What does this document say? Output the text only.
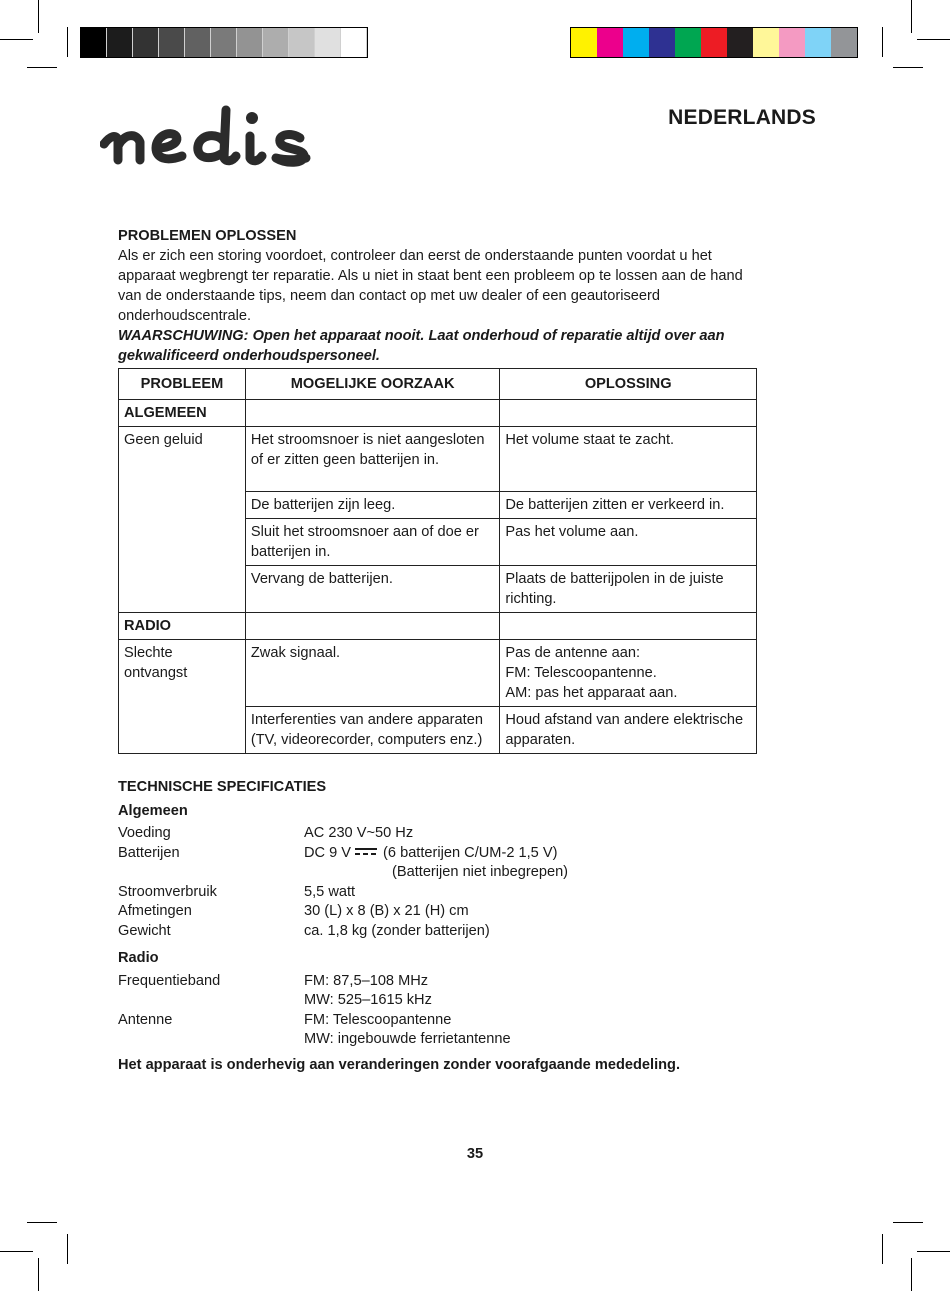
NEDERLANDS
PROBLEMEN OPLOSSEN

Als er zich een storing voordoet, controleer dan eerst de onderstaande punten voordat u het apparaat wegbrengt ter reparatie. Als u niet in staat bent een probleem op te lossen aan de hand van de onderstaande tips, neem dan contact op met uw dealer of een geautoriseerd onderhoudscentrale.

WAARSCHUWING: Open het apparaat nooit. Laat onderhoud of reparatie altijd over aan gekwalificeerd onderhoudspersoneel.

PROBLEEM	MOGELIJKE OORZAAK	OPLOSSING
ALGEMEEN		
Geen geluid	Het stroomsnoer is niet aangesloten of er zitten geen batterijen in.	Het volume staat te zacht.
	De batterijen zijn leeg.	De batterijen zitten er verkeerd in.
	Sluit het stroomsnoer aan of doe er batterijen in.	Pas het volume aan.
	Vervang de batterijen.	Plaats de batterijpolen in de juiste richting.
RADIO		
Slechte ontvangst	Zwak signaal.	Pas de antenne aan:
FM: Telescoopantenne.
AM: pas het apparaat aan.

	Interferenties van andere apparaten (TV, videorecorder, computers enz.)	Houd afstand van andere elektrische apparaten.
TECHNISCHE SPECIFICATIES
Algemeen
Voeding	AC 230 V~50 Hz
Batterijen	DC 9 V (6 batterijen C/UM-2 1,5 V)
(Batterijen niet inbegrepen)
Stroomverbruik	5,5 watt
Afmetingen	30 (L) x 8 (B) x 21 (H) cm
Gewicht	ca. 1,8 kg (zonder batterijen)
Radio
Frequentieband	FM: 87,5–108 MHz
MW: 525–1615 kHz
Antenne	FM: Telescoopantenne
MW: ingebouwde ferrietantenne
Het apparaat is onderhevig aan veranderingen zonder voorafgaande mededeling.
35
